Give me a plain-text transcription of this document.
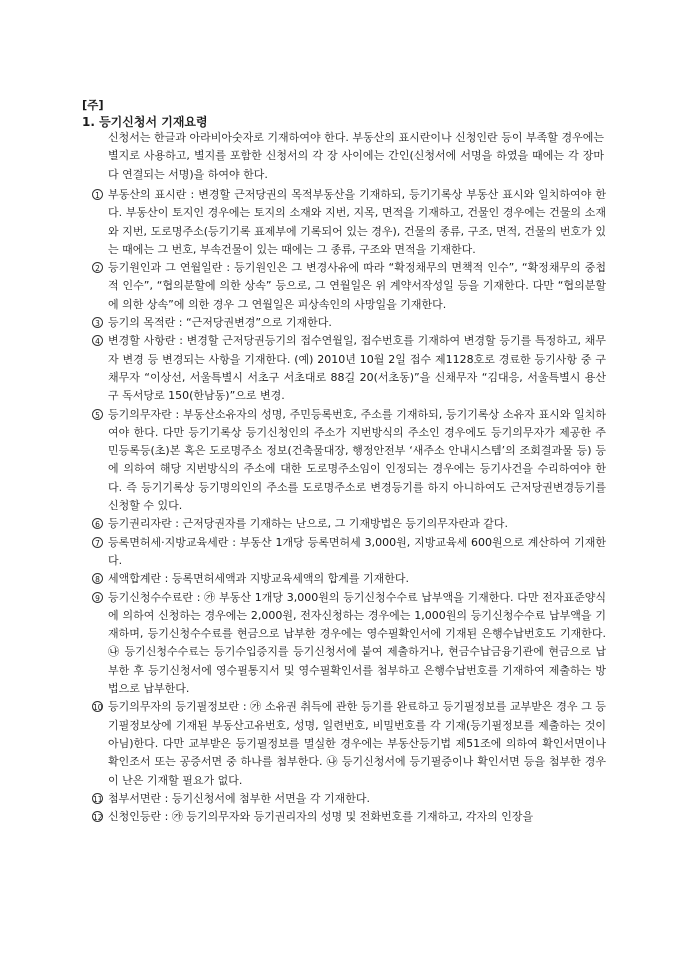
[주]
1. 등기신청서 기재요령
신청서는 한글과 아라비아숫자로 기재하여야 한다. 부동산의 표시란이나 신청인란 등이 부족할 경우에는 별지로 사용하고, 별지를 포함한 신청서의 각 장 사이에는 간인(신청서에 서명을 하였을 때에는 각 장마다 연결되는 서명)을 하여야 한다.
1 부동산의 표시란 : 변경할 근저당권의 목적부동산을 기재하되, 등기기록상 부동산 표시와 일치하여야 한다. 부동산이 토지인 경우에는 토지의 소재와 지번, 지목, 면적을 기재하고, 건물인 경우에는 건물의 소재와 지번, 도로명주소(등기기록 표제부에 기록되어 있는 경우), 건물의 종류, 구조, 면적, 건물의 번호가 있는 때에는 그 번호, 부속건물이 있는 때에는 그 종류, 구조와 면적을 기재한다.
2 등기원인과 그 연월일란 : 등기원인은 그 변경사유에 따라 “확정채무의 면책적 인수”, “확정채무의 중첩적 인수”, “협의분할에 의한 상속” 등으로, 그 연월일은 위 계약서작성일 등을 기재한다. 다만 “협의분할에 의한 상속”에 의한 경우 그 연월일은 피상속인의 사망일을 기재한다.
3 등기의 목적란 : “근저당권변경”으로 기재한다.
4 변경할 사항란 : 변경할 근저당권등기의 접수연월일, 접수번호를 기재하여 변경할 등기를 특정하고, 채무자 변경 등 변경되는 사항을 기재한다. (예) 2010년 10월 2일 접수 제1128호로 경료한 등기사항 중 구채무자 “이상선, 서울특별시 서초구 서초대로 88길 20(서초동)”을 신채무자 “김대응, 서울특별시 용산구 독서당로 150(한남동)”으로 변경.
5 등기의무자란 : 부동산소유자의 성명, 주민등록번호, 주소를 기재하되, 등기기록상 소유자 표시와 일치하여야 한다. 다만 등기기록상 등기신청인의 주소가 지번방식의 주소인 경우에도 등기의무자가 제공한 주민등록등(초)본 혹은 도로명주소 정보(건축물대장, 행정안전부 ‘새주소 안내시스템’의 조회결과물 등) 등에 의하여 해당 지번방식의 주소에 대한 도로명주소임이 인정되는 경우에는 등기사건을 수리하여야 한다. 즉 등기기록상 등기명의인의 주소를 도로명주소로 변경등기를 하지 아니하여도 근저당권변경등기를 신청할 수 있다.
6 등기권리자란 : 근저당권자를 기재하는 난으로, 그 기재방법은 등기의무자란과 같다.
7 등록면허세·지방교육세란 : 부동산 1개당 등록면허세 3,000원, 지방교육세 600원으로 계산하여 기재한다.
8 세액합계란 : 등록면허세액과 지방교육세액의 합계를 기재한다.
9 등기신청수수료란 : ㉮ 부동산 1개당 3,000원의 등기신청수수료 납부액을 기재한다. 다만 전자표준양식에 의하여 신청하는 경우에는 2,000원, 전자신청하는 경우에는 1,000원의 등기신청수수료 납부액을 기재하며, 등기신청수수료를 현금으로 납부한 경우에는 영수필확인서에 기재된 은행수납번호도 기재한다. ㉯ 등기신청수수료는 등기수입증지를 등기신청서에 붙여 제출하거나, 현금수납금융기관에 현금으로 납부한 후 등기신청서에 영수필통지서 및 영수필확인서를 첨부하고 은행수납번호를 기재하여 제출하는 방법으로 납부한다.
10 등기의무자의 등기필정보란 : ㉮ 소유권 취득에 관한 등기를 완료하고 등기필정보를 교부받은 경우 그 등기필정보상에 기재된 부동산고유번호, 성명, 일련번호, 비밀번호를 각 기재(등기필정보를 제출하는 것이 아님)한다. 다만 교부받은 등기필정보를 멸실한 경우에는 부동산등기법 제51조에 의하여 확인서면이나 확인조서 또는 공증서면 중 하나를 첨부한다. ㉯ 등기신청서에 등기필증이나 확인서면 등을 첨부한 경우 이 난은 기재할 필요가 없다.
11 첨부서면란 : 등기신청서에 첨부한 서면을 각 기재한다.
12 신청인등란 : ㉮ 등기의무자와 등기권리자의 성명 및 전화번호를 기재하고, 각자의 인장을
